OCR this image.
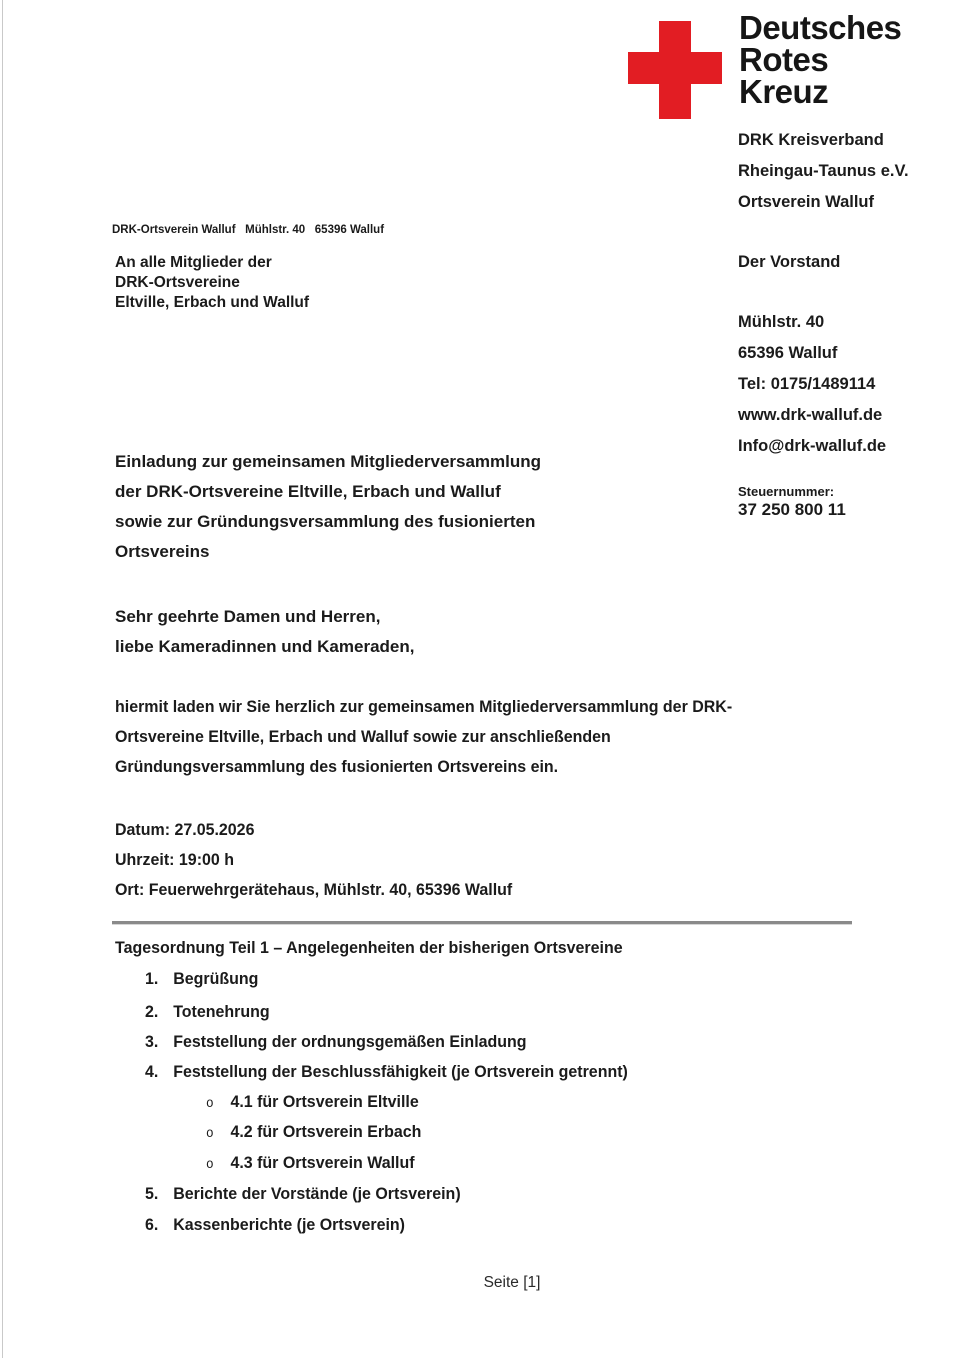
Deutsches
Rotes
Kreuz
DRK Kreisverband
Rheingau-Taunus e.V.
Ortsverein Walluf
DRK-Ortsverein Walluf   Mühlstr. 40   65396 Walluf
An alle Mitglieder der
DRK-Ortsvereine
Eltville, Erbach und Walluf
Der Vorstand
Mühlstr. 40
65396 Walluf
Tel: 0175/1489114
www.drk-walluf.de
Info@drk-walluf.de
Steuernummer:
37 250 800 11
Einladung zur gemeinsamen Mitgliederversammlung
der DRK-Ortsvereine Eltville, Erbach und Walluf
sowie zur Gründungsversammlung des fusionierten
Ortsvereins
Sehr geehrte Damen und Herren,
liebe Kameradinnen und Kameraden,
hiermit laden wir Sie herzlich zur gemeinsamen Mitgliederversammlung der DRK-
Ortsvereine Eltville, Erbach und Walluf sowie zur anschließenden
Gründungsversammlung des fusionierten Ortsvereins ein.
Datum: 27.05.2026
Uhrzeit: 19:00 h
Ort: Feuerwehrgerätehaus, Mühlstr. 40, 65396 Walluf
Tagesordnung Teil 1 – Angelegenheiten der bisherigen Ortsvereine
1. Begrüßung
2. Totenehrung
3. Feststellung der ordnungsgemäßen Einladung
4. Feststellung der Beschlussfähigkeit (je Ortsverein getrennt)
o 4.1 für Ortsverein Eltville
o 4.2 für Ortsverein Erbach
o 4.3 für Ortsverein Walluf
5. Berichte der Vorstände (je Ortsverein)
6. Kassenberichte (je Ortsverein)
Seite [1]
